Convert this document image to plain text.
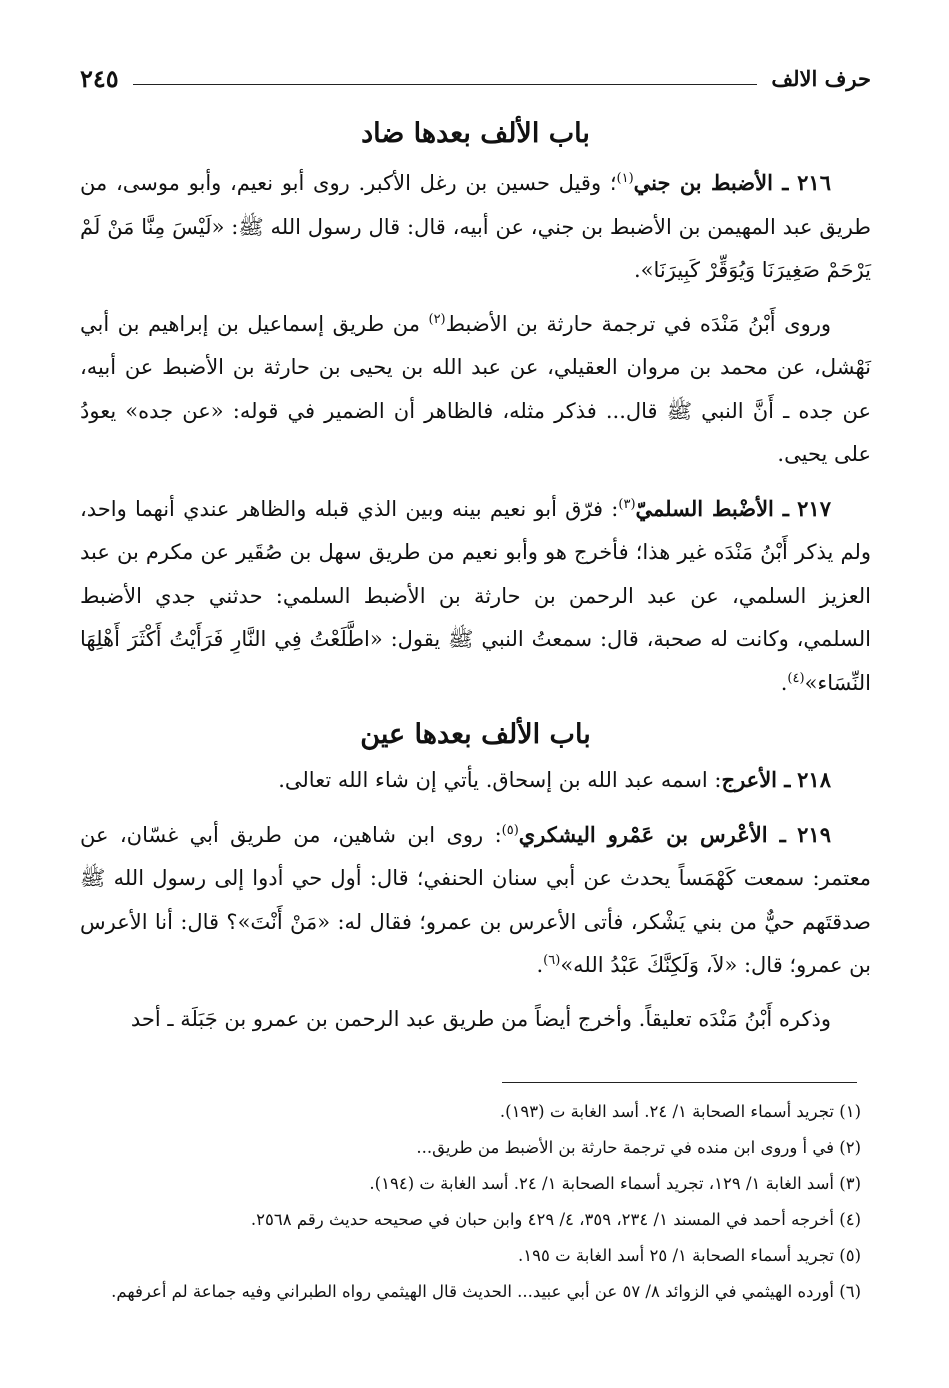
حرف الالف
٢٤٥
باب الألف بعدها ضاد

٢١٦ ـ الأضبط بن جني$^{(١)}$؛ وقيل حسين بن رغل الأكبر. روى أبو نعيم، وأبو موسى، من طريق عبد المهيمن بن الأضبط بن جني، عن أبيه، قال: قال رسول الله ﷺ: «لَيْسَ مِنَّا مَنْ لَمْ يَرْحَمْ صَغِيرَنَا وَيُوَقِّرْ كَبِيرَنَا».

وروى أَبْنُ مَنْدَه في ترجمة حارثة بن الأضبط$^{(٢)}$ من طريق إسماعيل بن إبراهيم بن أبي نَهْشل، عن محمد بن مروان العقيلي، عن عبد الله بن يحيى بن حارثة بن الأضبط عن أبيه، عن جده ـ أَنَّ النبي ﷺ قال... فذكر مثله، فالظاهر أن الضمير في قوله: «عن جده» يعودُ على يحيى.

٢١٧ ـ الأضْبط السلميّ$^{(٣)}$: فرّق أبو نعيم بينه وبين الذي قبله والظاهر عندي أنهما واحد، ولم يذكر أَبْنُ مَنْدَه غير هذا؛ فأخرج هو وأبو نعيم من طريق سهل بن صُقَير عن مكرم بن عبد العزيز السلمي، عن عبد الرحمن بن حارثة بن الأضبط السلمي: حدثني جدي الأضبط السلمي، وكانت له صحبة، قال: سمعتُ النبي ﷺ يقول: «اطَّلَعْتُ فِي النَّارِ فَرَأَيْتُ أَكْثَرَ أَهْلِهَا النِّسَاء»$^{(٤)}$.

باب الألف بعدها عين

٢١٨ ـ الأعرج: اسمه عبد الله بن إسحاق. يأتي إن شاء الله تعالى.

٢١٩ ـ الأعْرس بن عَمْرو اليشكري$^{(٥)}$: روى ابن شاهين، من طريق أبي غسّان، عن معتمر: سمعت كَهْمَساً يحدث عن أبي سنان الحنفي؛ قال: أول حي أدوا إلى رسول الله ﷺ صدقتَهم حيٌّ من بني يَشْكر، فأتى الأعرس بن عمرو؛ فقال له: «مَنْ أَنْتَ»؟ قال: أنا الأعرس بن عمرو؛ قال: «لاَ، وَلَكِنَّكَ عَبْدُ الله»$^{(٦)}$.

وذكره أَبْنُ مَنْدَه تعليقاً. وأخرج أيضاً من طريق عبد الرحمن بن عمرو بن جَبَلَة ـ أحد

(١) تجريد أسماء الصحابة ١/ ٢٤. أسد الغابة ت (١٩٣).

(٢) في أ وروى ابن منده في ترجمة حارثة بن الأضبط من طريق...

(٣) أسد الغابة ١/ ١٢٩، تجريد أسماء الصحابة ١/ ٢٤. أسد الغابة ت (١٩٤).

(٤) أخرجه أحمد في المسند ١/ ٢٣٤، ٣٥٩، ٤/ ٤٢٩ وابن حبان في صحيحه حديث رقم ٢٥٦٨.

(٥) تجريد أسماء الصحابة ١/ ٢٥ أسد الغابة ت ١٩٥.

(٦) أورده الهيثمي في الزوائد ٨/ ٥٧ عن أبي عبيد... الحديث قال الهيثمي رواه الطبراني وفيه جماعة لم أعرفهم.
